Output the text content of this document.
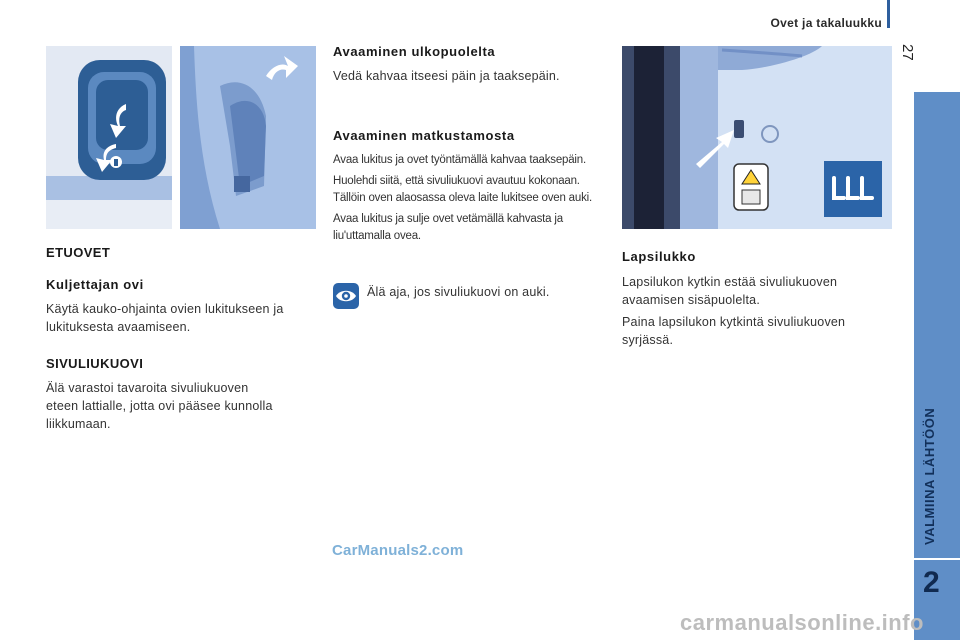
Ovet ja takaluukku
27
VALMIINA LÄHTÖÖN
2
ETUOVET
Kuljettajan ovi
Käytä kauko-ohjainta ovien lukitukseen ja lukituksesta avaamiseen.
SIVULIUKUOVI
Älä varastoi tavaroita sivuliukuoven eteen lattialle, jotta ovi pääsee kunnolla liikkumaan.
Avaaminen ulkopuolelta
Vedä kahvaa itseesi päin ja taaksepäin.
Avaaminen matkustamosta

Avaa lukitus ja ovet työntämällä kahvaa taaksepäin.

Huolehdi siitä, että sivuliukuovi avautuu kokonaan. Tällöin oven alaosassa oleva laite lukitsee oven auki.

Avaa lukitus ja sulje ovet vetämällä kahvasta ja liu'uttamalla ovea.

Älä aja, jos sivuliukuovi on auki.
Lapsilukko

Lapsilukon kytkin estää sivuliukuoven avaamisen sisäpuolelta.

Paina lapsilukon kytkintä sivuliukuoven syrjässä.

CarManuals2.com
carmanualsonline.info
